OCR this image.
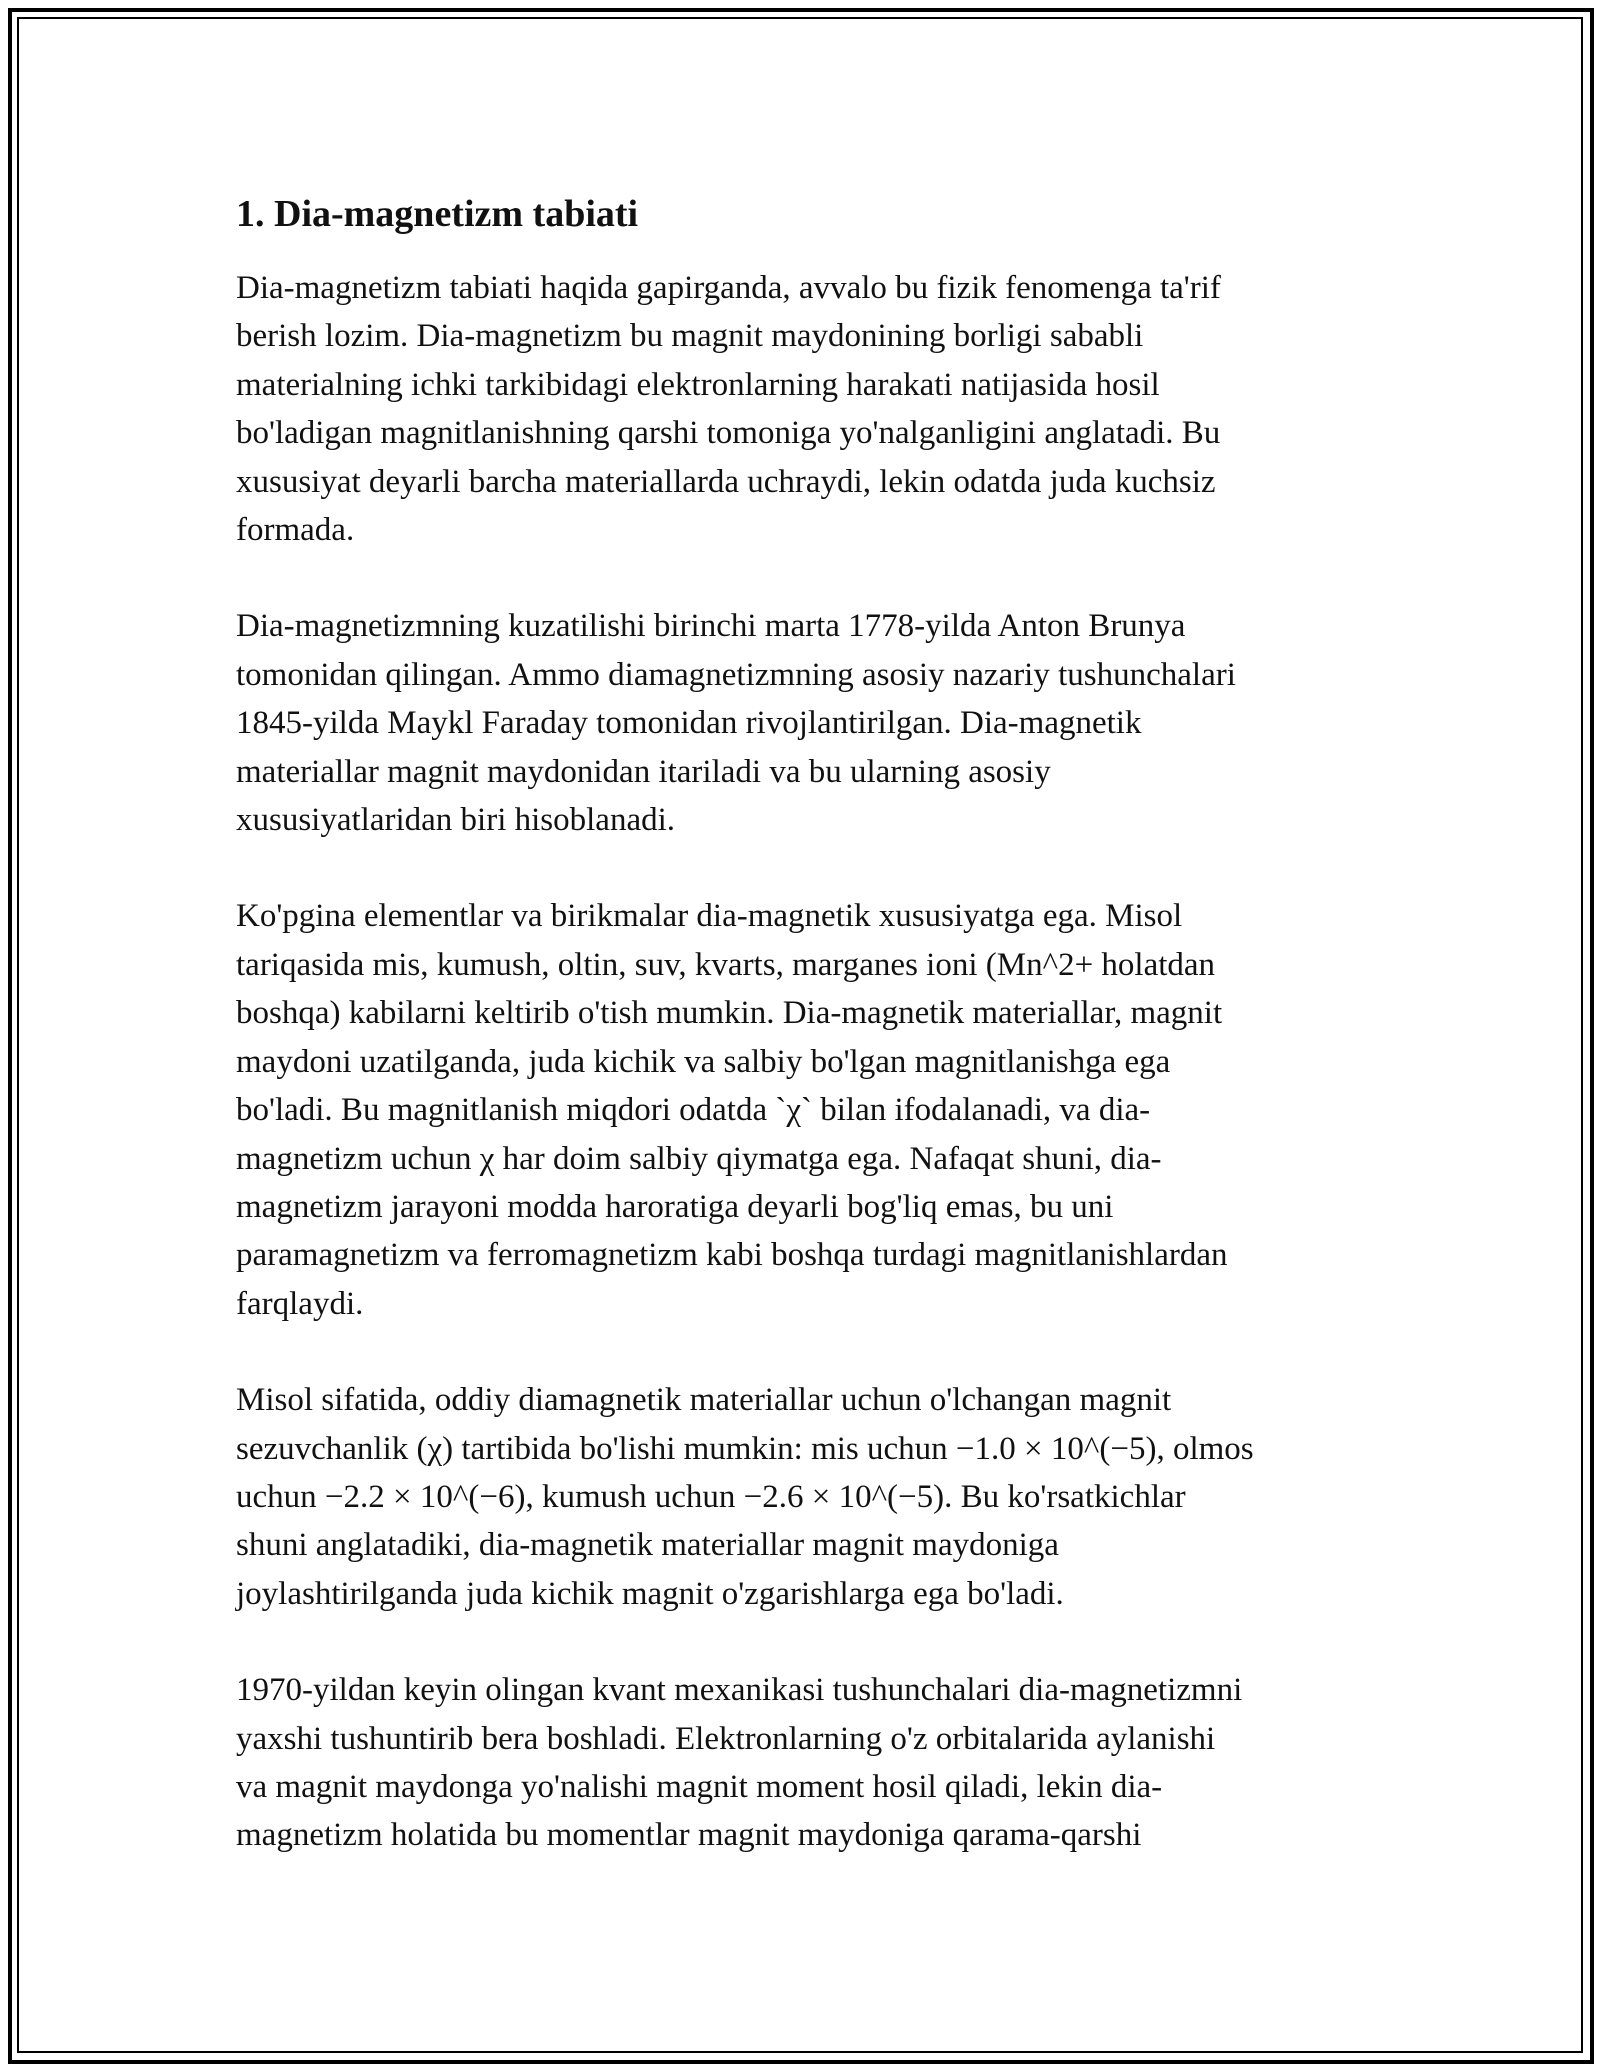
1. Dia-magnetizm tabiati

Dia-magnetizm tabiati haqida gapirganda, avvalo bu fizik fenomenga ta'rif
berish lozim. Dia-magnetizm bu magnit maydonining borligi sababli
materialning ichki tarkibidagi elektronlarning harakati natijasida hosil
bo'ladigan magnitlanishning qarshi tomoniga yo'nalganligini anglatadi. Bu
xususiyat deyarli barcha materiallarda uchraydi, lekin odatda juda kuchsiz
formada.

Dia-magnetizmning kuzatilishi birinchi marta 1778-yilda Anton Brunya
tomonidan qilingan. Ammo diamagnetizmning asosiy nazariy tushunchalari
1845-yilda Maykl Faraday tomonidan rivojlantirilgan. Dia-magnetik
materiallar magnit maydonidan itariladi va bu ularning asosiy
xususiyatlaridan biri hisoblanadi.

Ko'pgina elementlar va birikmalar dia-magnetik xususiyatga ega. Misol
tariqasida mis, kumush, oltin, suv, kvarts, marganes ioni (Mn^2+ holatdan
boshqa) kabilarni keltirib o'tish mumkin. Dia-magnetik materiallar, magnit
maydoni uzatilganda, juda kichik va salbiy bo'lgan magnitlanishga ega
bo'ladi. Bu magnitlanish miqdori odatda `χ` bilan ifodalanadi, va dia-
magnetizm uchun χ har doim salbiy qiymatga ega. Nafaqat shuni, dia-
magnetizm jarayoni modda haroratiga deyarli bog'liq emas, bu uni
paramagnetizm va ferromagnetizm kabi boshqa turdagi magnitlanishlardan
farqlaydi.

Misol sifatida, oddiy diamagnetik materiallar uchun o'lchangan magnit
sezuvchanlik (χ) tartibida bo'lishi mumkin: mis uchun −1.0 × 10^(−5), olmos
uchun −2.2 × 10^(−6), kumush uchun −2.6 × 10^(−5). Bu ko'rsatkichlar
shuni anglatadiki, dia-magnetik materiallar magnit maydoniga
joylashtirilganda juda kichik magnit o'zgarishlarga ega bo'ladi.

1970-yildan keyin olingan kvant mexanikasi tushunchalari dia-magnetizmni
yaxshi tushuntirib bera boshladi. Elektronlarning o'z orbitalarida aylanishi
va magnit maydonga yo'nalishi magnit moment hosil qiladi, lekin dia-
magnetizm holatida bu momentlar magnit maydoniga qarama-qarshi
